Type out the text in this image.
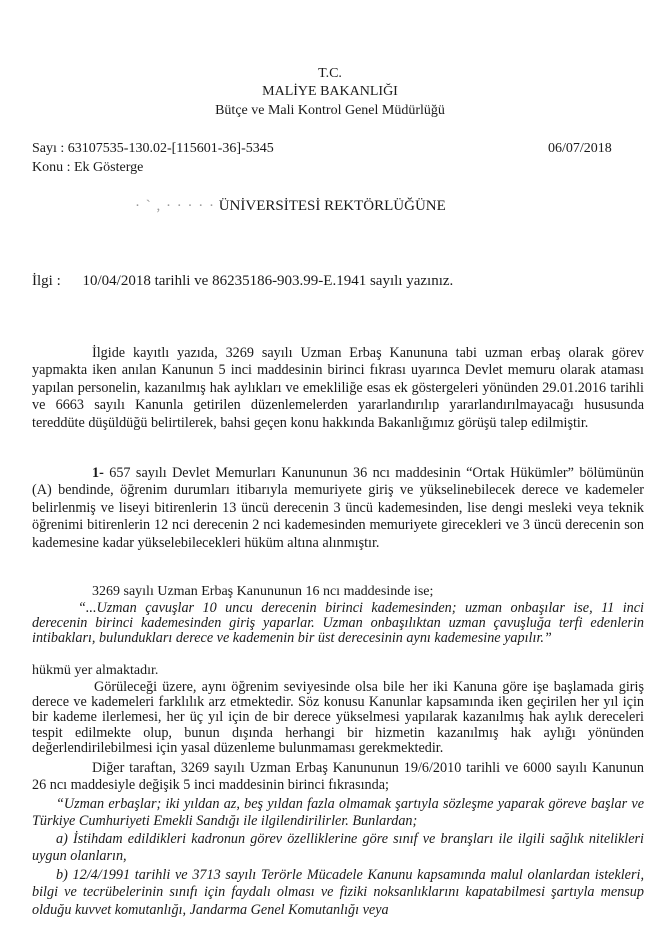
T.C.
MALİYE BAKANLIĞI
Bütçe ve Mali Kontrol Genel Müdürlüğü
Sayı : 63107535-130.02-[115601-36]-5345	06/07/2018
Konu : Ek Gösterge
· ` , · · · · · ÜNİVERSİTESİ REKTÖRLÜĞÜNE
İlgi : 10/04/2018 tarihli ve 86235186-903.99-E.1941 sayılı yazınız.
İlgide kayıtlı yazıda, 3269 sayılı Uzman Erbaş Kanununa tabi uzman erbaş olarak görev yapmakta iken anılan Kanunun 5 inci maddesinin birinci fıkrası uyarınca Devlet memuru olarak ataması yapılan personelin, kazanılmış hak aylıkları ve emekliliğe esas ek göstergeleri yönünden 29.01.2016 tarihli ve 6663 sayılı Kanunla getirilen düzenlemelerden yararlandırılıp yararlandırılmayacağı hususunda tereddüte düşüldüğü belirtilerek, bahsi geçen konu hakkında Bakanlığımız görüşü talep edilmiştir.
1- 657 sayılı Devlet Memurları Kanununun 36 ncı maddesinin “Ortak Hükümler” bölümünün (A) bendinde, öğrenim durumları itibarıyla memuriyete giriş ve yükselinebilecek derece ve kademeler belirlenmiş ve liseyi bitirenlerin 13 üncü derecenin 3 üncü kademesinden, lise dengi mesleki veya teknik öğrenimi bitirenlerin 12 nci derecenin 2 nci kademesinden memuriyete girecekleri ve 3 üncü derecenin son kademesine kadar yükselebilecekleri hüküm altına alınmıştır.
3269 sayılı Uzman Erbaş Kanununun 16 ncı maddesinde ise;
“...Uzman çavuşlar 10 uncu derecenin birinci kademesinden; uzman onbaşılar ise, 11 inci derecenin birinci kademesinden giriş yaparlar. Uzman onbaşılıktan uzman çavuşluğa terfi edenlerin intibakları, bulundukları derece ve kademenin bir üst derecesinin aynı kademesine yapılır.”
hükmü yer almaktadır.
Görüleceği üzere, aynı öğrenim seviyesinde olsa bile her iki Kanuna göre işe başlamada giriş derece ve kademeleri farklılık arz etmektedir. Söz konusu Kanunlar kapsamında iken geçirilen her yıl için bir kademe ilerlemesi, her üç yıl için de bir derece yükselmesi yapılarak kazanılmış hak aylık dereceleri tespit edilmekte olup, bunun dışında herhangi bir hizmetin kazanılmış hak aylığı yönünden değerlendirilebilmesi için yasal düzenleme bulunmaması gerekmektedir.
Diğer taraftan, 3269 sayılı Uzman Erbaş Kanununun 19/6/2010 tarihli ve 6000 sayılı Kanunun 26 ncı maddesiyle değişik 5 inci maddesinin birinci fıkrasında;
“Uzman erbaşlar; iki yıldan az, beş yıldan fazla olmamak şartıyla sözleşme yaparak göreve başlar ve Türkiye Cumhuriyeti Emekli Sandığı ile ilgilendirilirler. Bunlardan;
a) İstihdam edildikleri kadronun görev özelliklerine göre sınıf ve branşları ile ilgili sağlık nitelikleri uygun olanların,
b) 12/4/1991 tarihli ve 3713 sayılı Terörle Mücadele Kanunu kapsamında malul olanlardan istekleri, bilgi ve tecrübelerinin sınıfı için faydalı olması ve fiziki noksanlıklarını kapatabilmesi şartıyla mensup olduğu kuvvet komutanlığı, Jandarma Genel Komutanlığı veya
